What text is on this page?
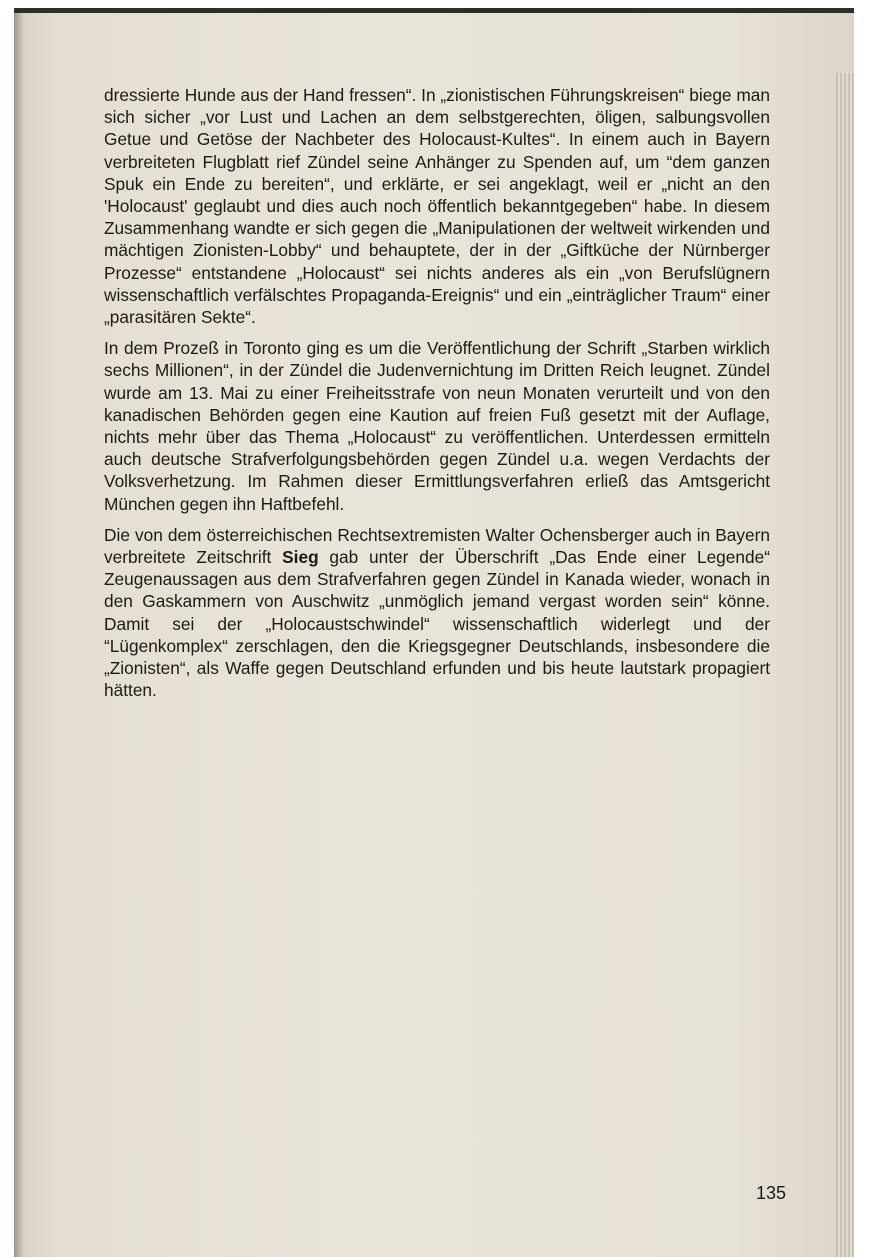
dressierte Hunde aus der Hand fressen“. In „zionistischen Führungskreisen“ biege man sich sicher „vor Lust und Lachen an dem selbstgerechten, öligen, salbungsvollen Getue und Getöse der Nachbeter des Holocaust-Kultes“. In einem auch in Bayern verbreiteten Flugblatt rief Zündel seine Anhänger zu Spenden auf, um “dem ganzen Spuk ein Ende zu bereiten“, und erklärte, er sei angeklagt, weil er „nicht an den 'Holocaust' geglaubt und dies auch noch öffentlich bekanntgegeben“ habe. In diesem Zusammenhang wandte er sich gegen die „Manipulationen der weltweit wirkenden und mächtigen Zionisten-Lobby“ und behauptete, der in der „Giftküche der Nürnberger Prozesse“ entstandene „Holocaust“ sei nichts anderes als ein „von Berufslügnern wissenschaftlich verfälschtes Propaganda-Ereignis“ und ein „einträglicher Traum“ einer „parasitären Sekte“.

In dem Prozeß in Toronto ging es um die Veröffentlichung der Schrift „Starben wirklich sechs Millionen“, in der Zündel die Judenvernichtung im Dritten Reich leugnet. Zündel wurde am 13. Mai zu einer Freiheitsstrafe von neun Monaten verurteilt und von den kanadischen Behörden gegen eine Kaution auf freien Fuß gesetzt mit der Auflage, nichts mehr über das Thema „Holocaust“ zu veröffentlichen. Unterdessen ermitteln auch deutsche Strafverfolgungsbehörden gegen Zündel u.a. wegen Verdachts der Volksverhetzung. Im Rahmen dieser Ermittlungsverfahren erließ das Amtsgericht München gegen ihn Haftbefehl.

Die von dem österreichischen Rechtsextremisten Walter Ochensberger auch in Bayern verbreitete Zeitschrift Sieg gab unter der Überschrift „Das Ende einer Legende“ Zeugenaussagen aus dem Strafverfahren gegen Zündel in Kanada wieder, wonach in den Gaskammern von Auschwitz „unmöglich jemand vergast worden sein“ könne. Damit sei der „Holocaustschwindel“ wissenschaftlich widerlegt und der “Lügenkomplex“ zerschlagen, den die Kriegsgegner Deutschlands, insbesondere die „Zionisten“, als Waffe gegen Deutschland erfunden und bis heute lautstark propagiert hätten.

135
